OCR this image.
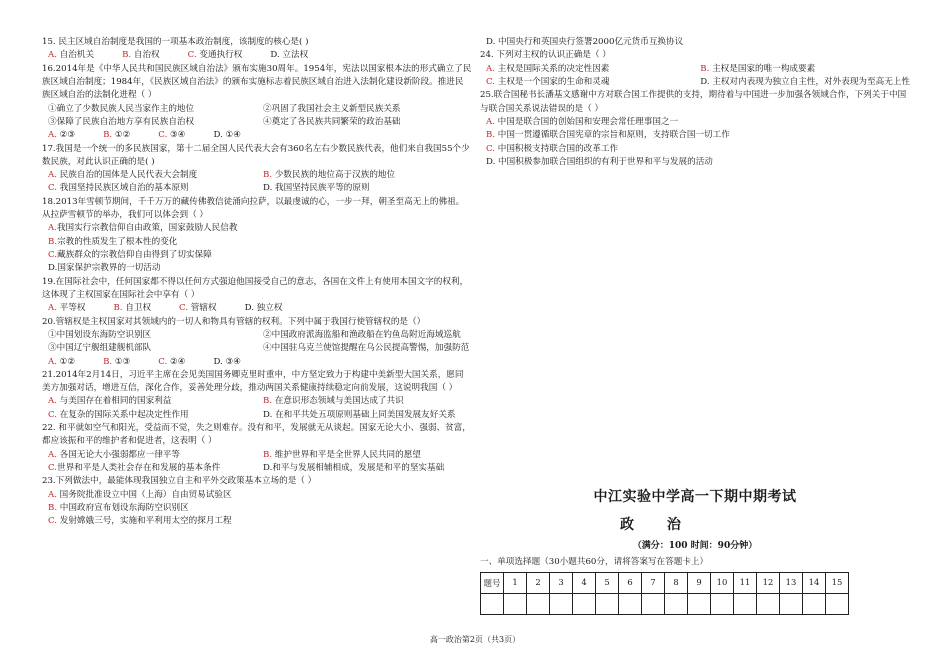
15. 民主区域自治制度是我国的一项基本政治制度，该制度的核心是( )
A. 自治机关	B. 自治权	C. 变通执行权	D. 立法权
16.2014年是《中华人民共和国民族区域自治法》颁布实施30周年。1954年，宪法以国家根本法的形式确立了民族区域自治制度；1984年，《民族区域自治法》的颁布实施标志着民族区域自治进入法制化建设新阶段。推进民族区域自治的法制化进程（ ）
①确立了少数民族人民当家作主的地位	②巩固了我国社会主义新型民族关系
③保障了民族自治地方享有民族自治权	④奠定了各民族共同繁荣的政治基础
A. ②③	B. ①②	C. ③④	D. ①④
17.我国是一个统一的多民族国家，第十二届全国人民代表大会有360名左右少数民族代表，他们来自我国55个少数民族，对此认识正确的是( )
A. 民族自治的国体是人民代表大会制度	B. 少数民族的地位高于汉族的地位
C. 我国坚持民族区域自治的基本原则	D. 我国坚持民族平等的原则
18.2013年雪顿节期间，千千万万的藏传佛教信徒涌向拉萨，以最虔诚的心，一步一拜，朝圣至高无上的佛祖。从拉萨雪顿节的举办，我们可以体会到（ ）
A.我国实行宗教信仰自由政策，国家鼓励人民信教
B.宗教的性质发生了根本性的变化
C.藏族群众的宗教信仰自由得到了切实保障
D.国家保护宗教界的一切活动
19.在国际社会中，任何国家都不得以任何方式强迫他国接受自己的意志，各国在文件上有使用本国文字的权利，这体现了主权国家在国际社会中享有（ ）
A. 平等权	B. 自卫权	C. 管辖权	D. 独立权
20.管辖权是主权国家对其领域内的一切人和物具有管辖的权利。下列中属于我国行使管辖权的是（）
①中国划设东海防空识别区	②中国政府派海监船和渔政船在钓鱼岛附近海域巡航
③中国辽宁舰组建舰机部队	④中国驻乌克兰使馆提醒在乌公民提高警惕，加强防范
A. ①②	B. ①③	C. ②④	D. ③④
21.2014年2月14日，习近平主席在会见美国国务卿克里时重申，中方坚定致力于构建中美新型大国关系，愿同美方加强对话，增进互信，深化合作，妥善处理分歧，推动两国关系健康持续稳定向前发展，这说明我国（ ）
A. 与美国存在着相同的国家利益	B. 在意识形态领域与美国达成了共识
C. 在复杂的国际关系中起决定性作用	D. 在和平共处五项原则基础上同美国发展友好关系
22. 和平就如空气和阳光，受益而不觉，失之则难存。没有和平，发展就无从谈起。国家无论大小、强弱、贫富，都应该振和平的维护者和促进者，这表明（ ）
A. 各国无论大小强弱都应一律平等	B. 维护世界和平是全世界人民共同的愿望
C.世界和平是人类社会存在和发展的基本条件	D.和平与发展相辅相成，发展是和平的坚实基础
23.下列做法中，最能体现我国独立自主和平外交政策基本立场的是（ ）
A. 国务院批准设立中国（上海）自由贸易试验区
B. 中国政府宣布划设东海防空识别区
C. 发射嫦娥三号，实施和平利用太空的探月工程
D. 中国央行和英国央行签署2000亿元货币互换协议
24. 下列对主权的认识正确是（ ）
A. 主权是国际关系的决定性因素	B. 主权是国家的唯一构成要素
C. 主权是一个国家的生命和灵魂	D. 主权对内表现为独立自主性，对外表现为至高无上性
25.联合国秘书长潘基文感谢中方对联合国工作提供的支持，期待着与中国进一步加强各领域合作，下列关于中国与联合国关系说法错误的是（ ）
A. 中国是联合国的创始国和安理会常任理事国之一
B. 中国一贯遵循联合国宪章的宗旨和原则，支持联合国一切工作
C. 中国积极支持联合国的改革工作
D. 中国积极参加联合国组织的有利于世界和平与发展的活动
中江实验中学高一下期中期考试
政 治
（满分：100 时间：90分钟）
一、单项选择题（30小题共60分，请将答案写在答题卡上）
题号	1	2	3	4	5	6	7	8	9	10	11	12	13	14	15

高一政治第2页（共3页）
